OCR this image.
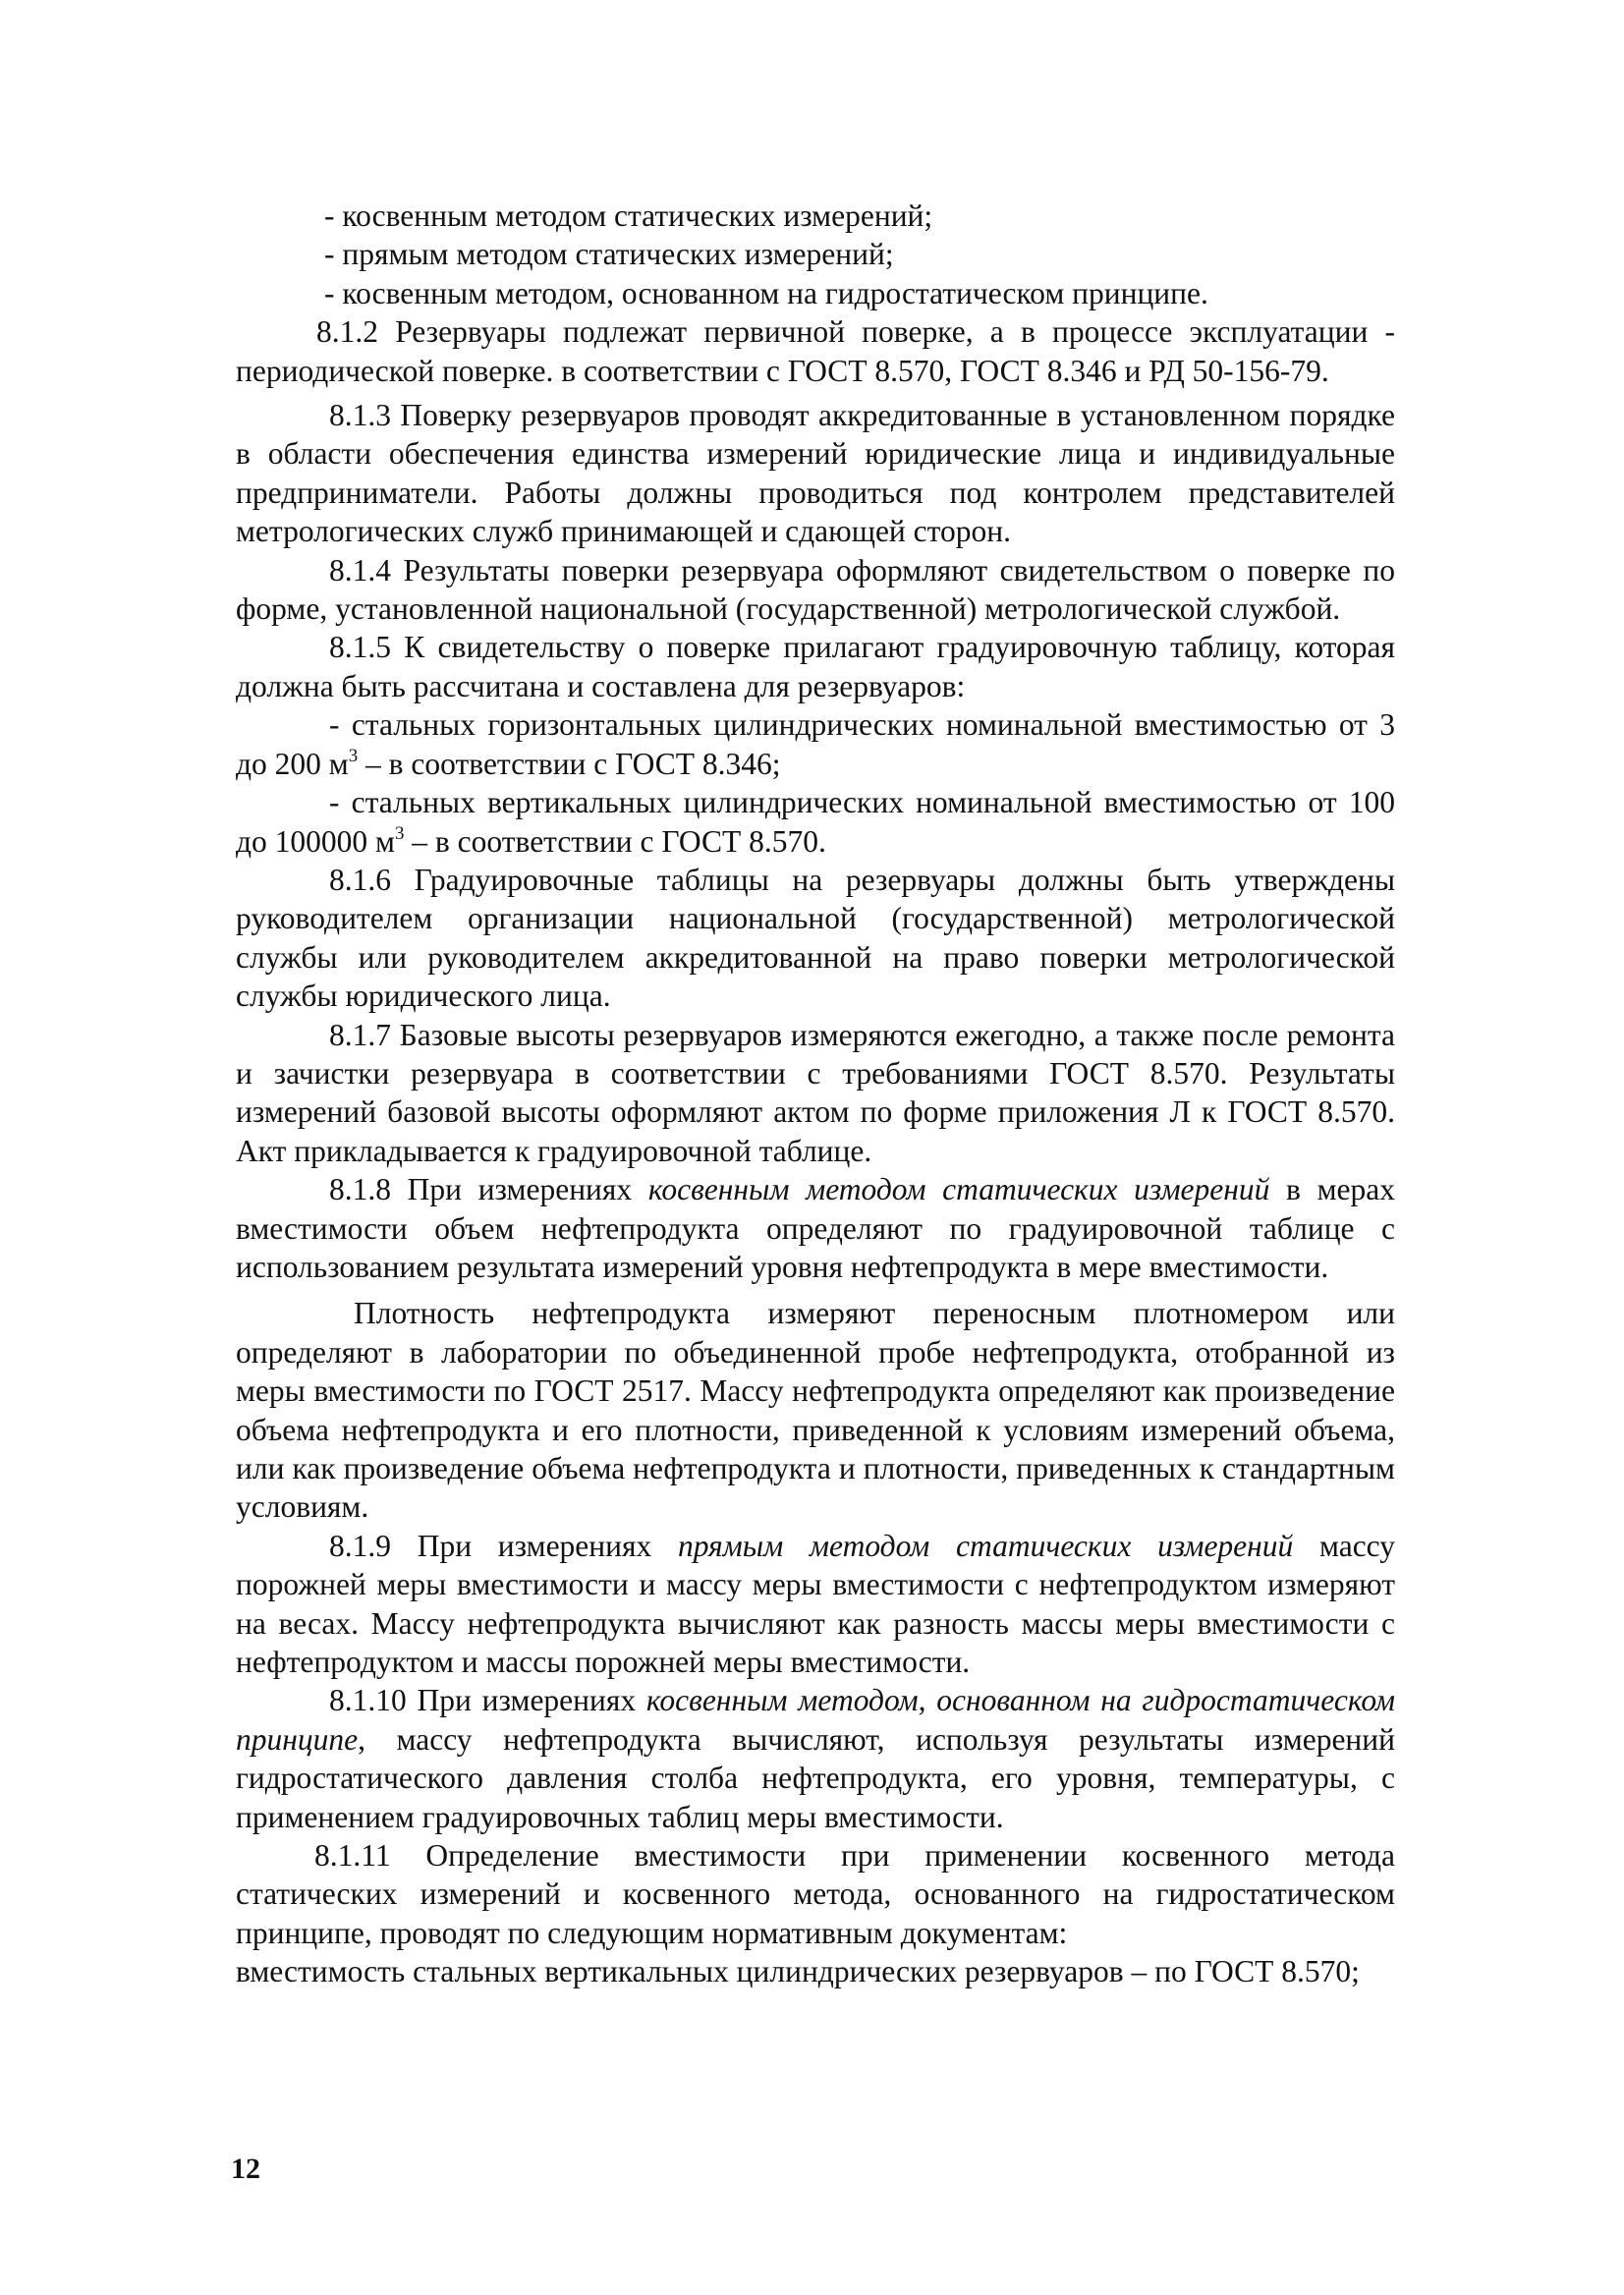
- косвенным методом статических измерений;

- прямым методом статических измерений;

- косвенным методом, основанном на гидростатическом принципе.

8.1.2 Резервуары подлежат первичной поверке, а в процессе эксплуатации - периодической поверке. в соответствии с ГОСТ 8.570, ГОСТ 8.346 и РД 50-156-79.

8.1.3 Поверку резервуаров проводят аккредитованные в установленном порядке в области обеспечения единства измерений юридические лица и индивидуальные предприниматели. Работы должны проводиться под контролем представителей метрологических служб принимающей и сдающей сторон.

8.1.4 Результаты поверки резервуара оформляют свидетельством о поверке по форме, установленной национальной (государственной) метрологической службой.

8.1.5 К свидетельству о поверке прилагают градуировочную таблицу, которая должна быть рассчитана и составлена для резервуаров:

- стальных горизонтальных цилиндрических номинальной вместимостью от 3 до 200 $м^3$ – в соответствии с ГОСТ 8.346;

- стальных вертикальных цилиндрических номинальной вместимостью от 100 до 100000 $м^3$ – в соответствии с ГОСТ 8.570.

8.1.6 Градуировочные таблицы на резервуары должны быть утверждены руководителем организации национальной (государственной) метрологической службы или руководителем аккредитованной на право поверки метрологической службы юридического лица.

8.1.7 Базовые высоты резервуаров измеряются ежегодно, а также после ремонта и зачистки резервуара в соответствии с требованиями ГОСТ 8.570. Результаты измерений базовой высоты оформляют актом по форме приложения Л к ГОСТ 8.570. Акт прикладывается к градуировочной таблице.

8.1.8 При измерениях косвенным методом статических измерений в мерах вместимости объем нефтепродукта определяют по градуировочной таблице с использованием результата измерений уровня нефтепродукта в мере вместимости.

Плотность нефтепродукта измеряют переносным плотномером или определяют в лаборатории по объединенной пробе нефтепродукта, отобранной из меры вместимости по ГОСТ 2517. Массу нефтепродукта определяют как произведение объема нефтепродукта и его плотности, приведенной к условиям измерений объема, или как произведение объема нефтепродукта и плотности, приведенных к стандартным условиям.

8.1.9 При измерениях прямым методом статических измерений массу порожней меры вместимости и массу меры вместимости с нефтепродуктом измеряют на весах. Массу нефтепродукта вычисляют как разность массы меры вместимости с нефтепродуктом и массы порожней меры вместимости.

8.1.10 При измерениях косвенным методом, основанном на гидростатическом принципе, массу нефтепродукта вычисляют, используя результаты измерений гидростатического давления столба нефтепродукта, его уровня, температуры, с применением градуировочных таблиц меры вместимости.

8.1.11 Определение вместимости при применении косвенного метода статических измерений и косвенного метода, основанного на гидростатическом принципе, проводят по следующим нормативным документам:

вместимость стальных вертикальных цилиндрических резервуаров – по ГОСТ 8.570;

12
